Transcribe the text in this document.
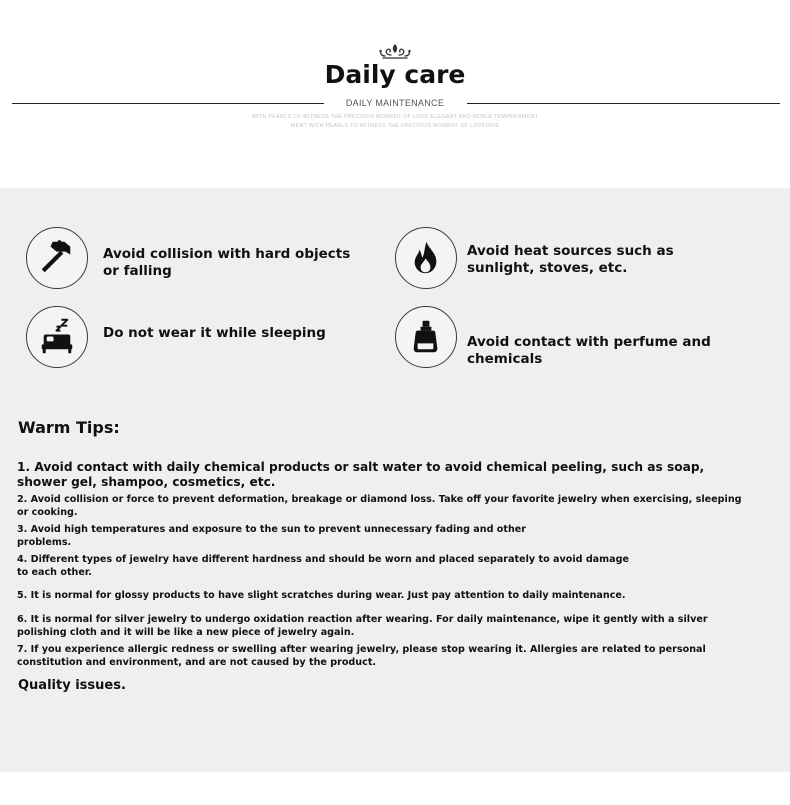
Daily care
DAILY MAINTENANCE
WITH PEARLS TO WITNESS THE PRECIOUS MOMENT OF LOVE ELEGANT AND NOBLE TEMPERAMENT
MENT WITH PEARLS TO WITNESS THE PRECIOUS MOMENT OF LOVEDIVE
Avoid collision with hard objects or falling
Avoid heat sources such as sunlight, stoves, etc.
Do not wear it while sleeping
Avoid contact with perfume and chemicals
Warm Tips:
1. Avoid contact with daily chemical products or salt water to avoid chemical peeling, such as soap, shower gel, shampoo, cosmetics, etc.
2. Avoid collision or force to prevent deformation, breakage or diamond loss. Take off your favorite jewelry when exercising, sleeping or cooking.
3. Avoid high temperatures and exposure to the sun to prevent unnecessary fading and other problems.
4. Different types of jewelry have different hardness and should be worn and placed separately to avoid damage to each other.
5. It is normal for glossy products to have slight scratches during wear. Just pay attention to daily maintenance.
6. It is normal for silver jewelry to undergo oxidation reaction after wearing. For daily maintenance, wipe it gently with a silver polishing cloth and it will be like a new piece of jewelry again.
7. If you experience allergic redness or swelling after wearing jewelry, please stop wearing it. Allergies are related to personal constitution and environment, and are not caused by the product.
Quality issues.
